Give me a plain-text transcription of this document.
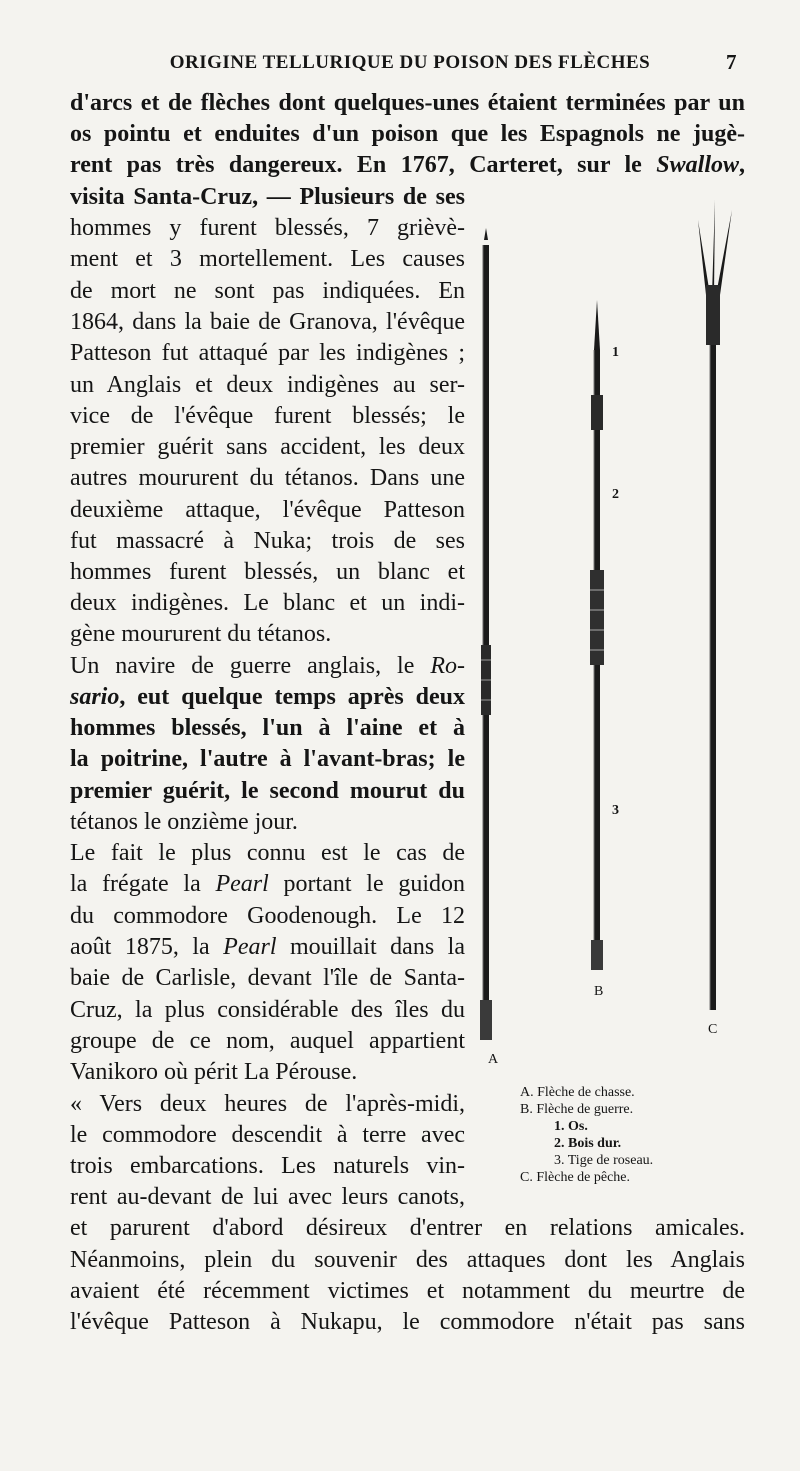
ORIGINE TELLURIQUE DU POISON DES FLÈCHES	7
d'arcs et de flèches dont quelques-unes étaient terminées par un
os pointu et enduites d'un poison que les Espagnols ne jugè-
rent pas très dangereux. En 1767, Carteret, sur le Swallow,
visita Santa-Cruz, — Plusieurs de ses
hommes y furent blessés, 7 grièvè-
ment et 3 mortellement. Les causes
de mort ne sont pas indiquées. En
1864, dans la baie de Granova, l'évêque
Patteson fut attaqué par les indigènes ;
un Anglais et deux indigènes au ser-
vice de l'évêque furent blessés; le
premier guérit sans accident, les deux
autres moururent du tétanos. Dans une
deuxième attaque, l'évêque Patteson
fut massacré à Nuka; trois de ses
hommes furent blessés, un blanc et
deux indigènes. Le blanc et un indi-
gène moururent du tétanos.
Un navire de guerre anglais, le Ro-
sario, eut quelque temps après deux
hommes blessés, l'un à l'aine et à
la poitrine, l'autre à l'avant-bras; le
premier guérit, le second mourut du
tétanos le onzième jour.
Le fait le plus connu est le cas de
la frégate la Pearl portant le guidon
du commodore Goodenough. Le 12
août 1875, la Pearl mouillait dans la
baie de Carlisle, devant l'île de Santa-
Cruz, la plus considérable des îles du
groupe de ce nom, auquel appartient
Vanikoro où périt La Pérouse.
« Vers deux heures de l'après-midi,
le commodore descendit à terre avec
trois embarcations. Les naturels vin-
rent au-devant de lui avec leurs canots,
et parurent d'abord désireux d'entrer en relations amicales.
Néanmoins, plein du souvenir des attaques dont les Anglais
avaient été récemment victimes et notamment du meurtre de
l'évêque Patteson à Nukapu, le commodore n'était pas sans
1
2
3
A
B
C
A. Flèche de chasse.
B. Flèche de guerre.
1. Os.
2. Bois dur.
3. Tige de roseau.
C. Flèche de pêche.
